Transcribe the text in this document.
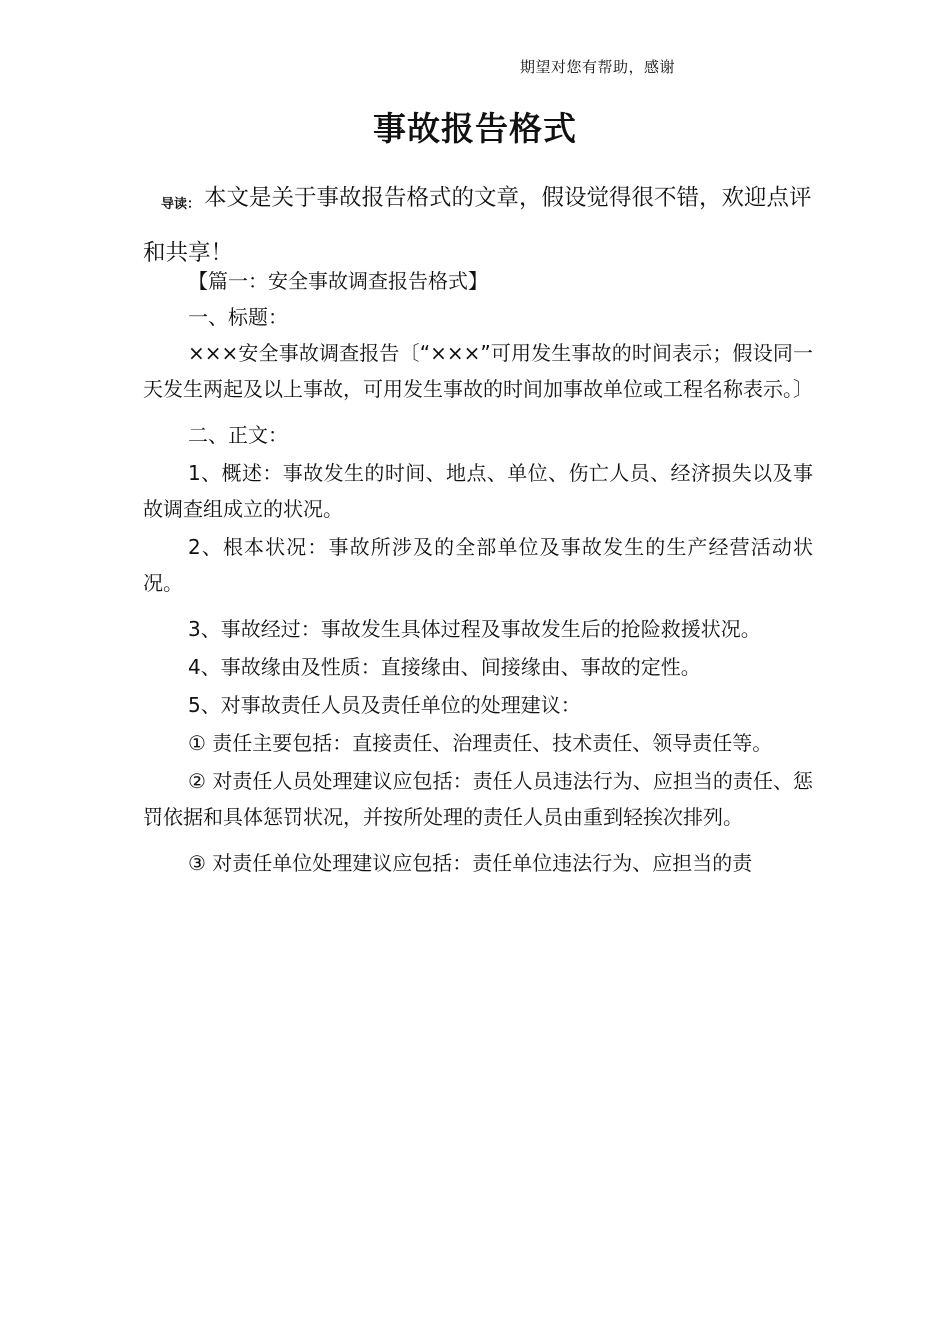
期望对您有帮助，感谢
事故报告格式
导读： 本文是关于事故报告格式的文章，假设觉得很不错，欢迎点评和共享！

【篇一：安全事故调查报告格式】

一、标题：

×××安全事故调查报告〔“×××”可用发生事故的时间表示；假设同一天发生两起及以上事故，可用发生事故的时间加事故单位或工程名称表示。〕

二、正文：

1、概述：事故发生的时间、地点、单位、伤亡人员、经济损失以及事故调查组成立的状况。

2、根本状况：事故所涉及的全部单位及事故发生的生产经营活动状况。

3、事故经过：事故发生具体过程及事故发生后的抢险救援状况。

4、事故缘由及性质：直接缘由、间接缘由、事故的定性。

5、对事故责任人员及责任单位的处理建议：

① 责任主要包括：直接责任、治理责任、技术责任、领导责任等。

② 对责任人员处理建议应包括：责任人员违法行为、应担当的责任、惩罚依据和具体惩罚状况，并按所处理的责任人员由重到轻挨次排列。

③ 对责任单位处理建议应包括：责任单位违法行为、应担当的责
